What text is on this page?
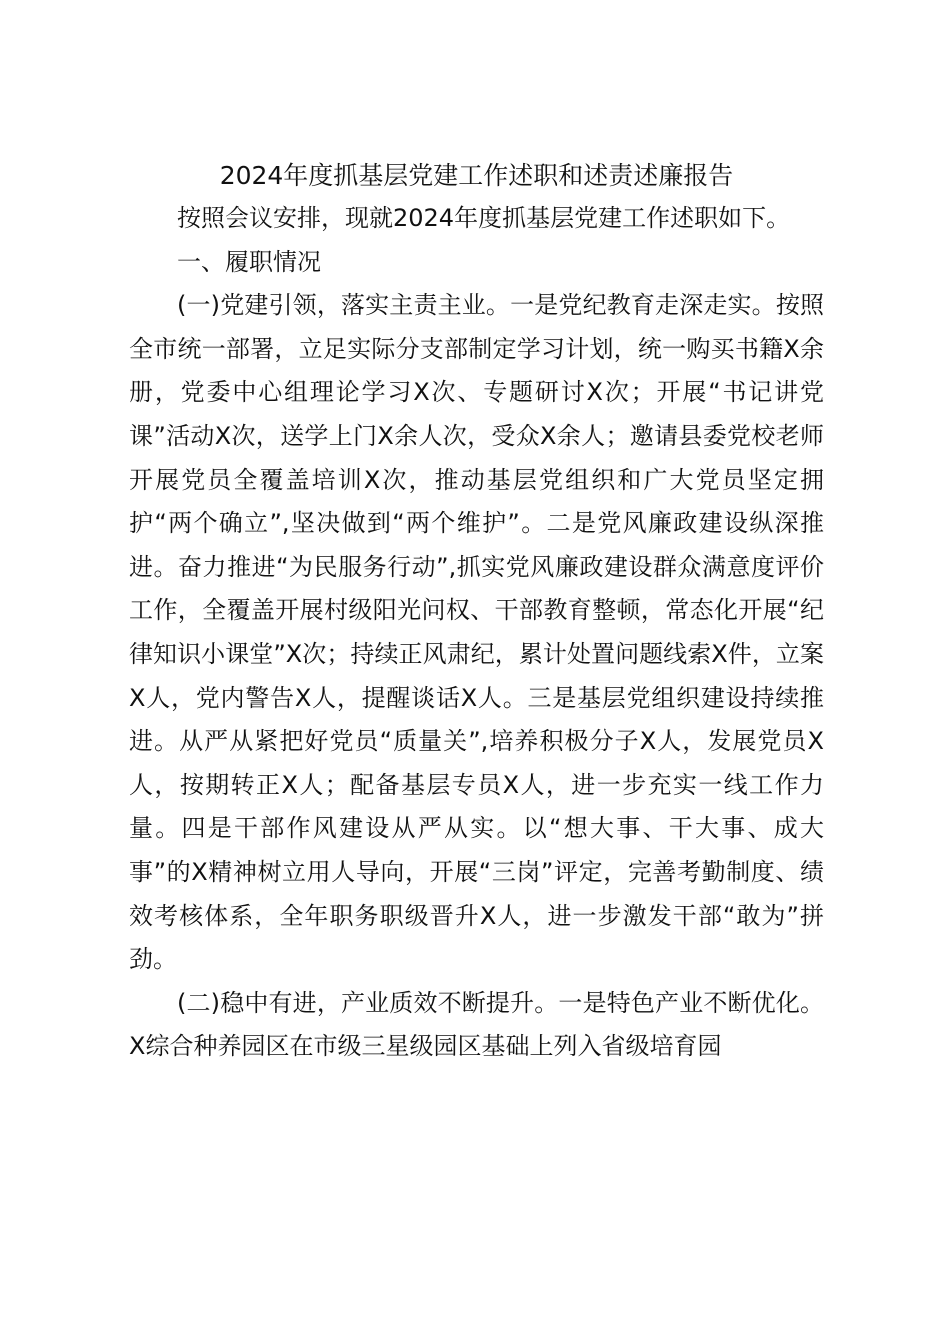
2024年度抓基层党建工作述职和述责述廉报告

按照会议安排，现就2024年度抓基层党建工作述职如下。

一、履职情况

(一)党建引领，落实主责主业。一是党纪教育走深走实。按照全市统一部署，立足实际分支部制定学习计划，统一购买书籍X余册，党委中心组理论学习X次、专题研讨X次；开展“书记讲党课”活动X次，送学上门X余人次，受众X余人；邀请县委党校老师开展党员全覆盖培训X次，推动基层党组织和广大党员坚定拥护“两个确立”,坚决做到“两个维护”。二是党风廉政建设纵深推进。奋力推进“为民服务行动”,抓实党风廉政建设群众满意度评价工作，全覆盖开展村级阳光问权、干部教育整顿，常态化开展“纪律知识小课堂”X次；持续正风肃纪，累计处置问题线索X件，立案X人，党内警告X人，提醒谈话X人。三是基层党组织建设持续推进。从严从紧把好党员“质量关”,培养积极分子X人，发展党员X人，按期转正X人；配备基层专员X人，进一步充实一线工作力量。四是干部作风建设从严从实。以“想大事、干大事、成大事”的X精神树立用人导向，开展“三岗”评定，完善考勤制度、绩效考核体系，全年职务职级晋升X人，进一步激发干部“敢为”拼劲。

(二)稳中有进，产业质效不断提升。一是特色产业不断优化。X综合种养园区在市级三星级园区基础上列入省级培育园
